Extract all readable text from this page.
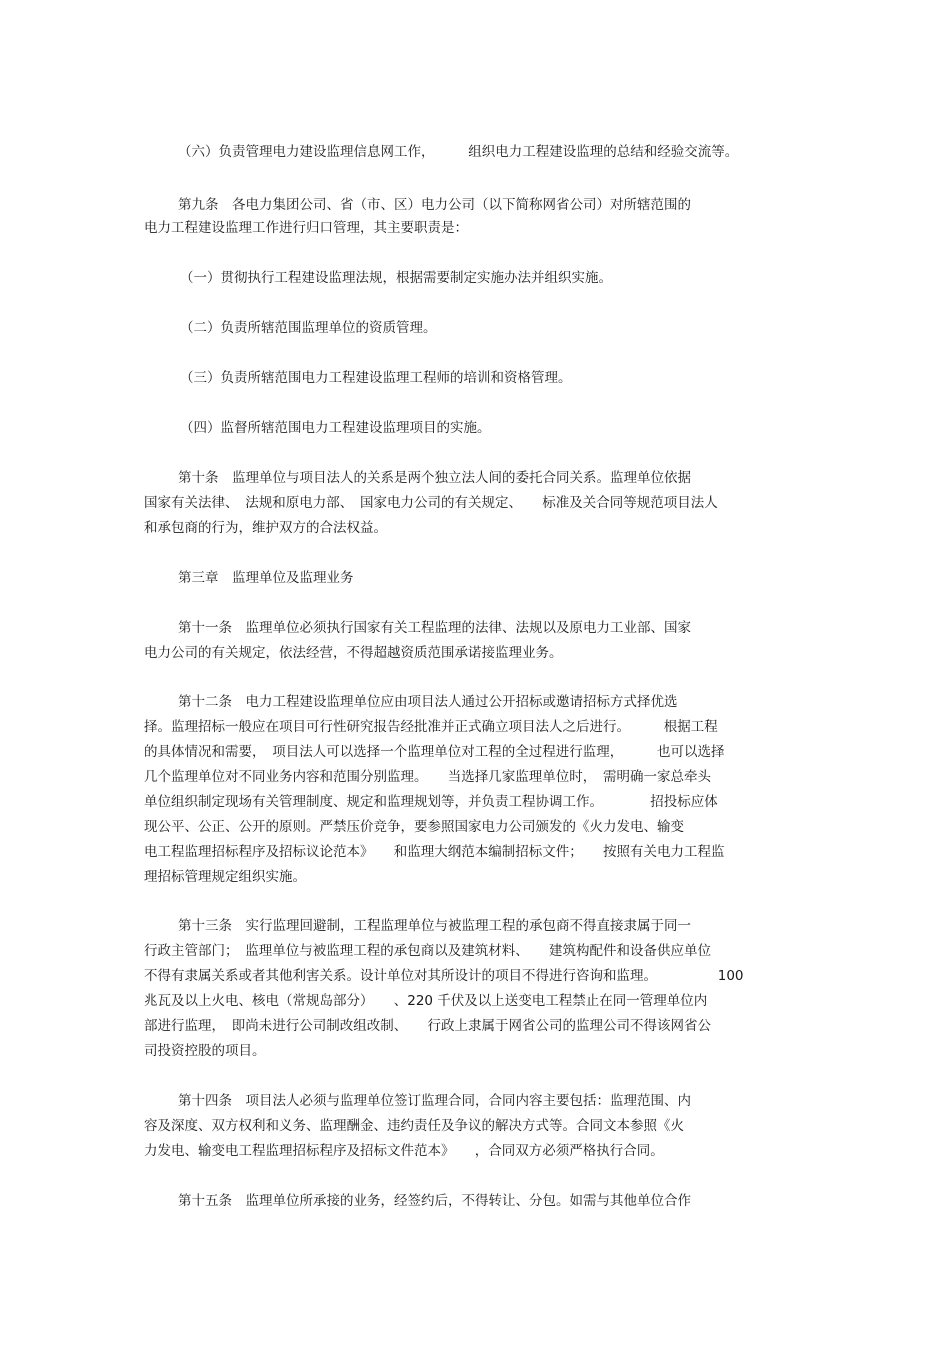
（六）负责管理电力建设监理信息网工作，　　　组织电力工程建设监理的总结和经验交流等。
第九条　各电力集团公司、省（市、区）电力公司（以下简称网省公司）对所辖范围的
电力工程建设监理工作进行归口管理，其主要职责是：
（一）贯彻执行工程建设监理法规，根据需要制定实施办法并组织实施。
（二）负责所辖范围监理单位的资质管理。
（三）负责所辖范围电力工程建设监理工程师的培训和资格管理。
（四）监督所辖范围电力工程建设监理项目的实施。
第十条　监理单位与项目法人的关系是两个独立法人间的委托合同关系。监理单位依据
国家有关法律、　法规和原电力部、　国家电力公司的有关规定、　　标准及关合同等规范项目法人
和承包商的行为，维护双方的合法权益。
第三章　监理单位及监理业务
第十一条　监理单位必须执行国家有关工程监理的法律、法规以及原电力工业部、国家
电力公司的有关规定，依法经营，不得超越资质范围承诺接监理业务。
第十二条　电力工程建设监理单位应由项目法人通过公开招标或邀请招标方式择优选
择。监理招标一般应在项目可行性研究报告经批准并正式确立项目法人之后进行。　　　根据工程
的具体情况和需要，　项目法人可以选择一个监理单位对工程的全过程进行监理，　　　也可以选择
几个监理单位对不同业务内容和范围分别监理。　　当选择几家监理单位时，　需明确一家总牵头
单位组织制定现场有关管理制度、规定和监理规划等，并负责工程协调工作。　　　　招投标应体
现公平、公正、公开的原则。严禁压价竞争，要参照国家电力公司颁发的《火力发电、输变
电工程监理招标程序及招标议论范本》　　和监理大纲范本编制招标文件；　　按照有关电力工程监
理招标管理规定组织实施。
第十三条　实行监理回避制，工程监理单位与被监理工程的承包商不得直接隶属于同一
行政主管部门；　监理单位与被监理工程的承包商以及建筑材料、　　建筑构配件和设备供应单位
不得有隶属关系或者其他利害关系。设计单位对其所设计的项目不得进行咨询和监理。　　　　　100
兆瓦及以上火电、核电（常规岛部分）　　、220 千伏及以上送变电工程禁止在同一管理单位内
部进行监理，　即尚未进行公司制改组改制、　　行政上隶属于网省公司的监理公司不得该网省公
司投资控股的项目。
第十四条　项目法人必须与监理单位签订监理合同，合同内容主要包括：监理范围、内
容及深度、双方权利和义务、监理酬金、违约责任及争议的解决方式等。合同文本参照《火
力发电、输变电工程监理招标程序及招标文件范本》　　，合同双方必须严格执行合同。
第十五条　监理单位所承接的业务，经签约后，不得转让、分包。如需与其他单位合作
